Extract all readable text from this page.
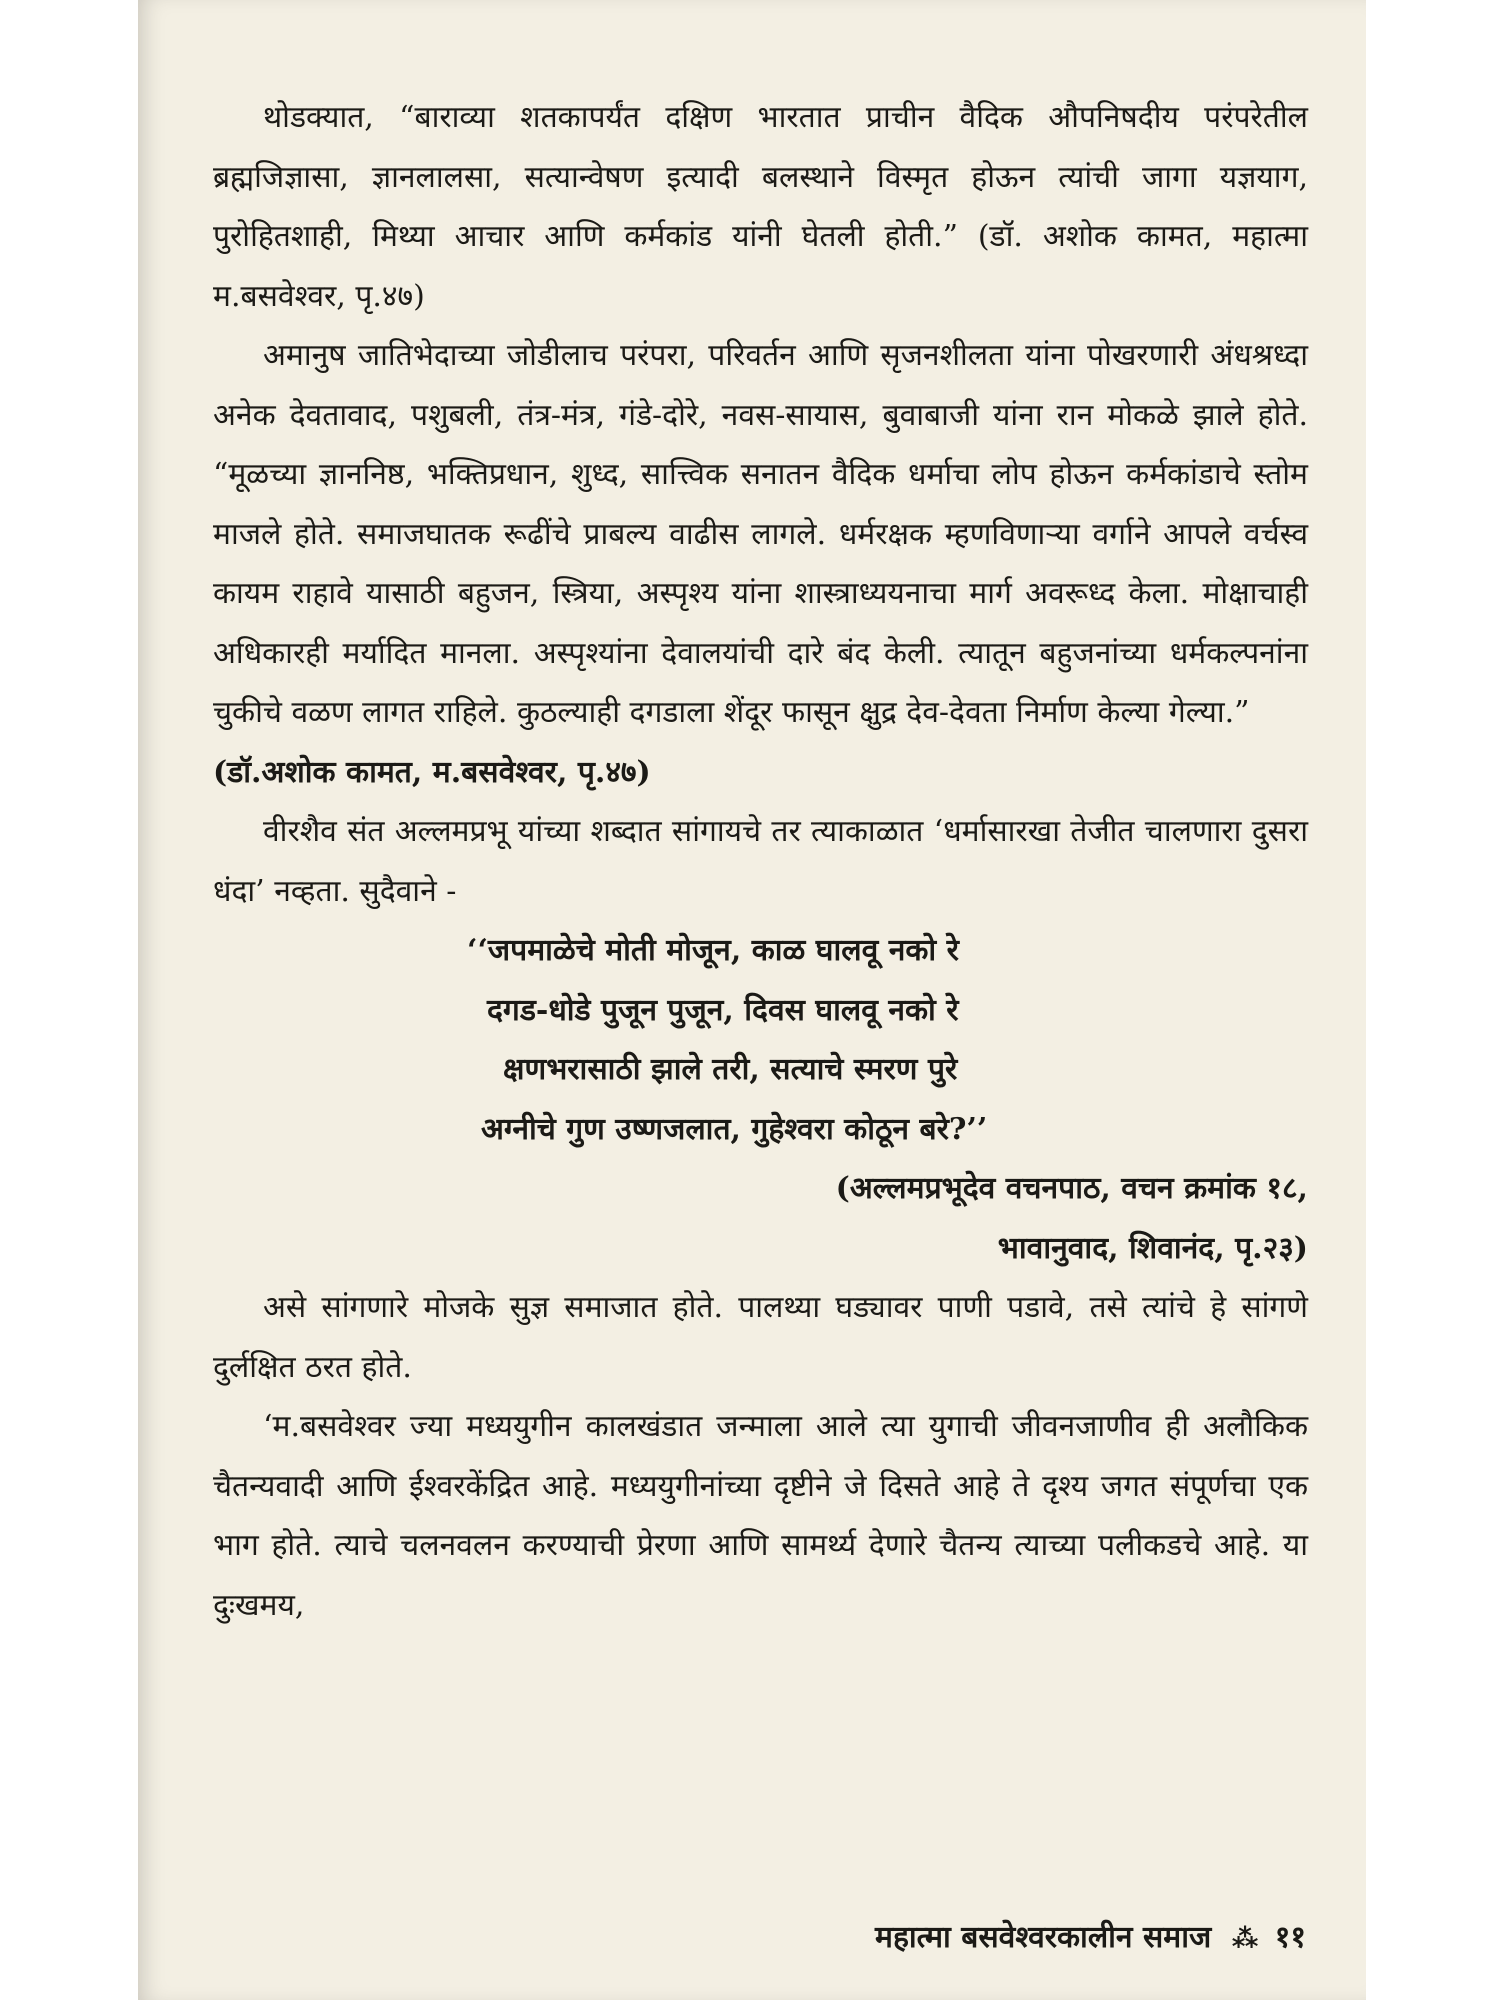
थोडक्यात, “बाराव्या शतकापर्यंत दक्षिण भारतात प्राचीन वैदिक औपनिषदीय परंपरेतील ब्रह्मजिज्ञासा, ज्ञानलालसा, सत्यान्वेषण इत्यादी बलस्थाने विस्मृत होऊन त्यांची जागा यज्ञयाग, पुरोहितशाही, मिथ्या आचार आणि कर्मकांड यांनी घेतली होती.” (डॉ. अशोक कामत, महात्मा म.बसवेश्वर, पृ.४७)

अमानुष जातिभेदाच्या जोडीलाच परंपरा, परिवर्तन आणि सृजनशीलता यांना पोखरणारी अंधश्रध्दा अनेक देवतावाद, पशुबली, तंत्र-मंत्र, गंडे-दोरे, नवस-सायास, बुवाबाजी यांना रान मोकळे झाले होते. “मूळच्या ज्ञाननिष्ठ, भक्तिप्रधान, शुध्द, सात्त्विक सनातन वैदिक धर्माचा लोप होऊन कर्मकांडाचे स्तोम माजले होते. समाजघातक रूढींचे प्राबल्य वाढीस लागले. धर्मरक्षक म्हणविणाऱ्या वर्गाने आपले वर्चस्व कायम राहावे यासाठी बहुजन, स्त्रिया, अस्पृश्य यांना शास्त्राध्ययनाचा मार्ग अवरूध्द केला. मोक्षाचाही अधिकारही मर्यादित मानला. अस्पृश्यांना देवालयांची दारे बंद केली. त्यातून बहुजनांच्या धर्मकल्पनांना चुकीचे वळण लागत राहिले. कुठल्याही दगडाला शेंदूर फासून क्षुद्र देव-देवता निर्माण केल्या गेल्या.”

(डॉ.अशोक कामत, म.बसवेश्वर, पृ.४७)

वीरशैव संत अल्लमप्रभू यांच्या शब्दात सांगायचे तर त्याकाळात ‘धर्मासारखा तेजीत चालणारा दुसरा धंदा’ नव्हता. सुदैवाने -

‘‘जपमाळेचे मोती मोजून, काळ घालवू नको रे

दगड-धोडे पुजून पुजून, दिवस घालवू नको रे

क्षणभरासाठी झाले तरी, सत्याचे स्मरण पुरे

अग्नीचे गुण उष्णजलात, गुहेश्वरा कोठून बरे?’’

(अल्लमप्रभूदेव वचनपाठ, वचन क्रमांक १८,

भावानुवाद, शिवानंद, पृ.२३)

असे सांगणारे मोजके सुज्ञ समाजात होते. पालथ्या घड्यावर पाणी पडावे, तसे त्यांचे हे सांगणे दुर्लक्षित ठरत होते.

‘म.बसवेश्वर ज्या मध्ययुगीन कालखंडात जन्माला आले त्या युगाची जीवनजाणीव ही अलौकिक चैतन्यवादी आणि ईश्वरकेंद्रित आहे. मध्ययुगीनांच्या दृष्टीने जे दिसते आहे ते दृश्य जगत संपूर्णचा एक भाग होते. त्याचे चलनवलन करण्याची प्रेरणा आणि सामर्थ्य देणारे चैतन्य त्याच्या पलीकडचे आहे. या दुःखमय,

महात्मा बसवेश्वरकालीन समाज ⁂ ११
